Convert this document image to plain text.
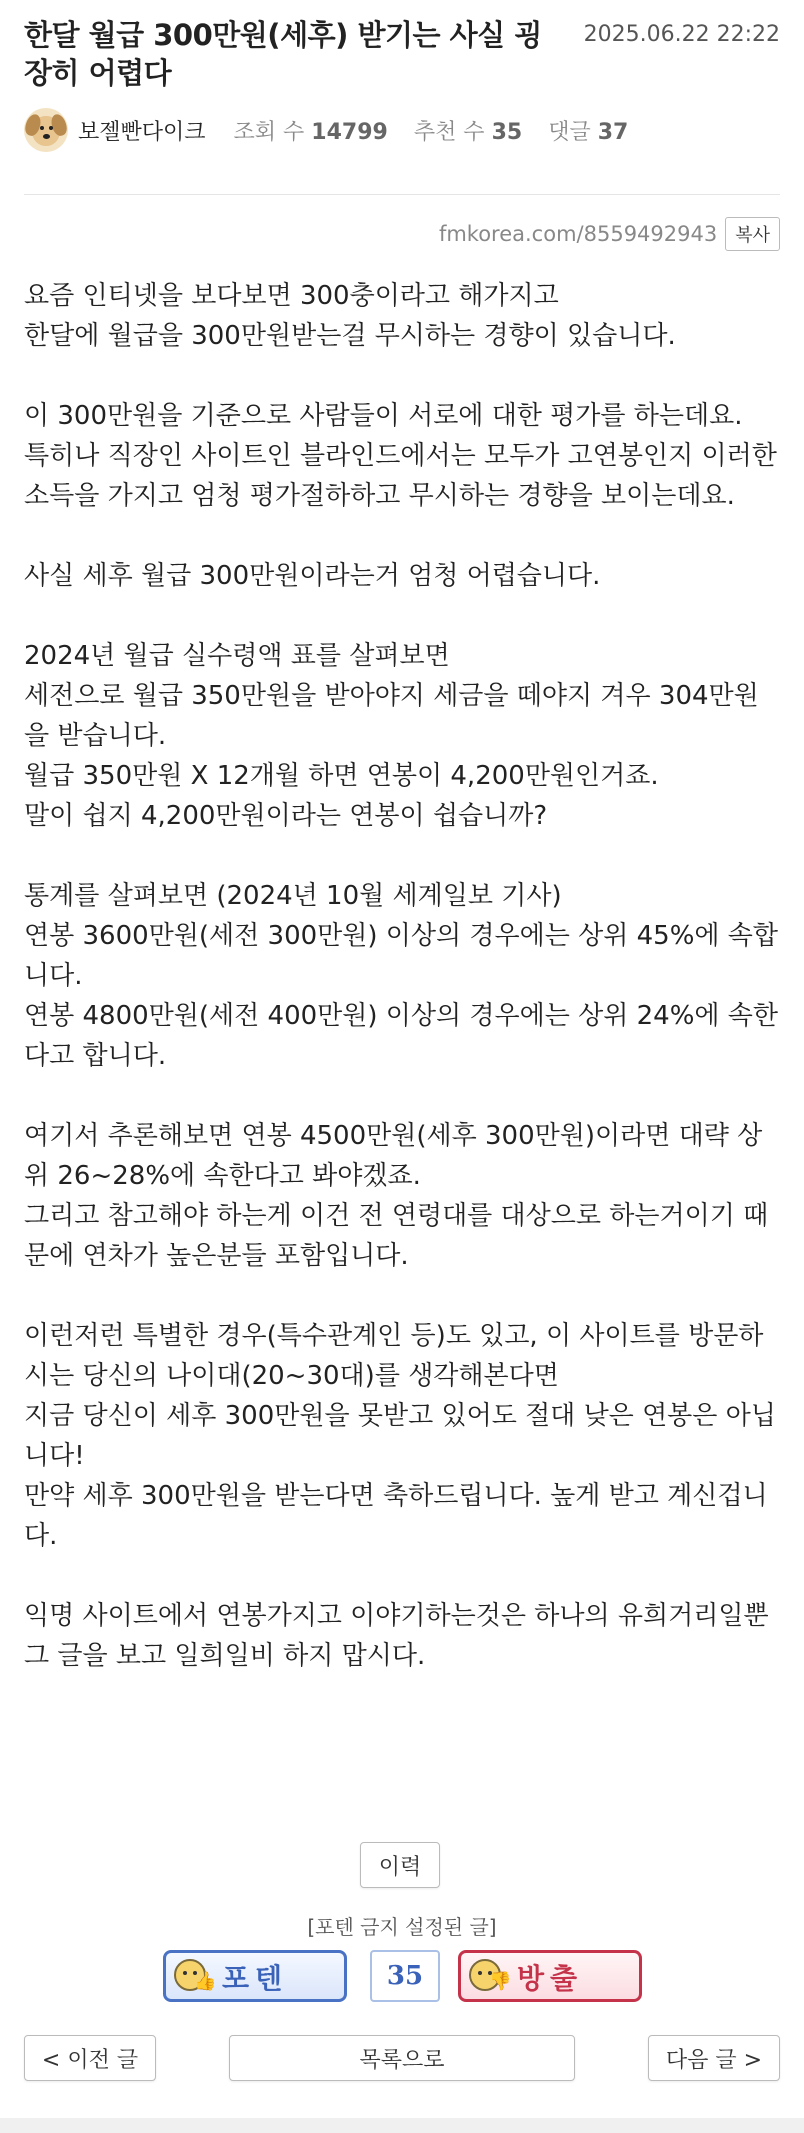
한달 월급 300만원(세후) 받기는 사실 굉장히 어렵다
2025.06.22 22:22
보젤빤다이크 조회 수 14799 추천 수 35 댓글 37
fmkorea.com/8559492943	복사

요즘 인티넷을 보다보면 300충이라고 해가지고
한달에 월급을 300만원받는걸 무시하는 경향이 있습니다.

이 300만원을 기준으로 사람들이 서로에 대한 평가를 하는데요.
특히나 직장인 사이트인 블라인드에서는 모두가 고연봉인지 이러한 소득을 가지고 엄청 평가절하하고 무시하는 경향을 보이는데요.

사실 세후 월급 300만원이라는거 엄청 어렵습니다.

2024년 월급 실수령액 표를 살펴보면
세전으로 월급 350만원을 받아야지 세금을 떼야지 겨우 304만원을 받습니다.
월급 350만원 X 12개월 하면 연봉이 4,200만원인거죠.
말이 쉽지 4,200만원이라는 연봉이 쉽습니까?

통계를 살펴보면 (2024년 10월 세계일보 기사)
연봉 3600만원(세전 300만원) 이상의 경우에는 상위 45%에 속합니다.
연봉 4800만원(세전 400만원) 이상의 경우에는 상위 24%에 속한다고 합니다.

여기서 추론해보면 연봉 4500만원(세후 300만원)이라면 대략 상위 26~28%에 속한다고 봐야겠죠.
그리고 참고해야 하는게 이건 전 연령대를 대상으로 하는거이기 때문에 연차가 높은분들 포함입니다.

이런저런 특별한 경우(특수관계인 등)도 있고, 이 사이트를 방문하시는 당신의 나이대(20~30대)를 생각해본다면
지금 당신이 세후 300만원을 못받고 있어도 절대 낮은 연봉은 아닙니다!
만약 세후 300만원을 받는다면 축하드립니다. 높게 받고 계신겁니다.

익명 사이트에서 연봉가지고 이야기하는것은 하나의 유희거리일뿐
그 글을 보고 일희일비 하지 맙시다.

이력
[포텐 금지 설정된 글]
👍 포텐	35	👎 방출
< 이전 글	목록으로	다음 글 >
